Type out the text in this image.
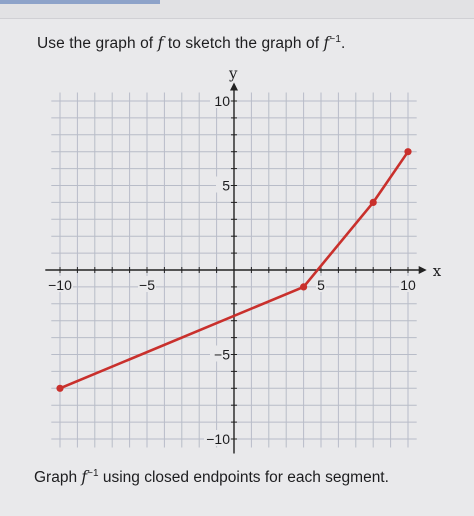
Use the graph of f to sketch the graph of $f^{-1}$.
x
y
−10	−5	5	10
10
5
−5
−10
Graph $f^{-1}$ using closed endpoints for each segment.
